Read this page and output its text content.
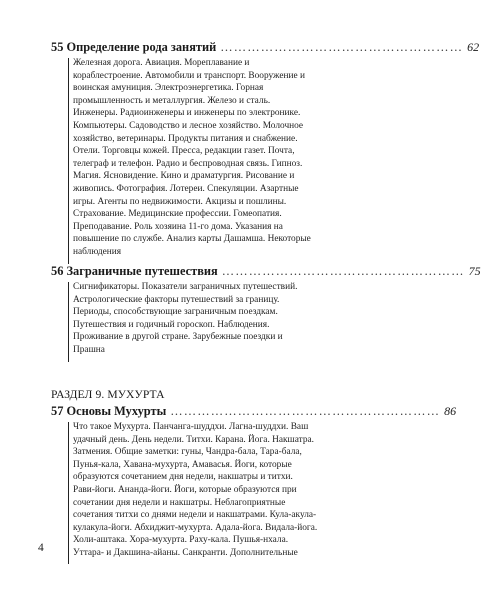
55 Определение рода занятий ……………………………………………… 62
Железная дорога. Авиация. Мореплавание и
кораблестроение. Автомобили и транспорт. Вооружение и
воинская амуниция. Электроэнергетика. Горная
промышленность и металлургия. Железо и сталь.
Инженеры. Радиоинженеры и инженеры по электронике.
Компьютеры. Садоводство и лесное хозяйство. Молочное
хозяйство, ветеринары. Продукты питания и снабжение.
Отели. Торговцы кожей. Пресса, редакции газет. Почта,
телеграф и телефон. Радио и беспроводная связь. Гипноз.
Магия. Ясновидение. Кино и драматургия. Рисование и
живопись. Фотография. Лотереи. Спекуляции. Азартные
игры. Агенты по недвижимости. Акцизы и пошлины.
Страхование. Медицинские профессии. Гомеопатия.
Преподавание. Роль хозяина 11-го дома. Указания на
повышение по службе. Анализ карты Дашамша. Некоторые
наблюдения
56 Заграничные путешествия ……………………………………………… 75
Сигнификаторы. Показатели заграничных путешествий.
Астрологические факторы путешествий за границу.
Периоды, способствующие заграничным поездкам.
Путешествия и годичный гороскоп. Наблюдения.
Проживание в другой стране. Зарубежные поездки и
Прашна
РАЗДЕЛ 9. МУХУРТА
57 Основы Мухурты …………………………………………………… 86
Что такое Мухурта. Панчанга-шуддхи. Лагна-шуддхи. Ваш
удачный день. День недели. Титхи. Карана. Йога. Накшатра.
Затмения. Общие заметки: гуны, Чандра-бала, Тара-бала,
Пунья-кала, Хавана-мухурта, Амавасья. Йоги, которые
образуются сочетанием дня недели, накшатры и титхи.
Рави-йоги. Ананда-йоги. Йоги, которые образуются при
сочетании дня недели и накшатры. Неблагоприятные
сочетания титхи со днями недели и накшатрами. Кула-акула-
кулакула-йоги. Абхиджит-мухурта. Адала-йога. Видала-йога.
Холи-аштака. Хора-мухурта. Раху-кала. Пушья-нхала.
Уттара- и Дакшина-айаны. Санкранти. Дополнительные
4
